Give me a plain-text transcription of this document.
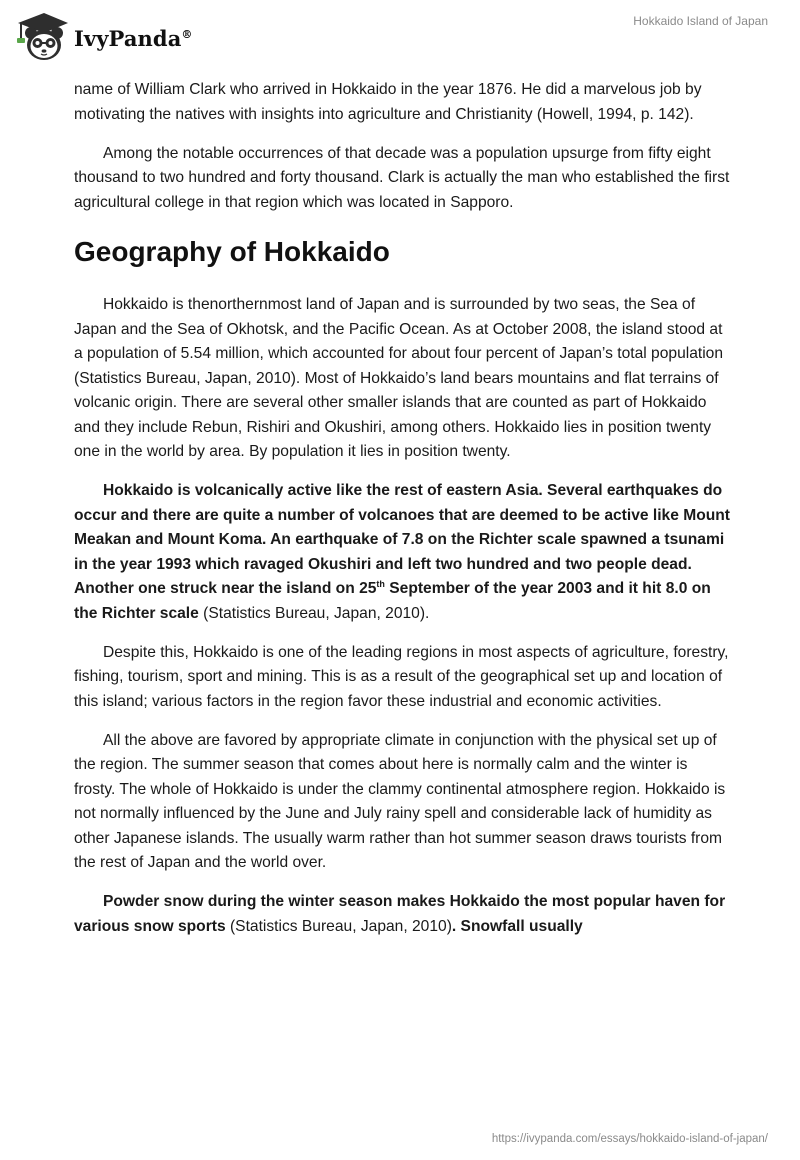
IvyPanda®
Hokkaido Island of Japan

name of William Clark who arrived in Hokkaido in the year 1876. He did a marvelous job by motivating the natives with insights into agriculture and Christianity (Howell, 1994, p. 142).

Among the notable occurrences of that decade was a population upsurge from fifty eight thousand to two hundred and forty thousand. Clark is actually the man who established the first agricultural college in that region which was located in Sapporo.

Geography of Hokkaido

Hokkaido is thenorthernmost land of Japan and is surrounded by two seas, the Sea of Japan and the Sea of Okhotsk, and the Pacific Ocean. As at October 2008, the island stood at a population of 5.54 million, which accounted for about four percent of Japan’s total population (Statistics Bureau, Japan, 2010). Most of Hokkaido’s land bears mountains and flat terrains of volcanic origin. There are several other smaller islands that are counted as part of Hokkaido and they include Rebun, Rishiri and Okushiri, among others. Hokkaido lies in position twenty one in the world by area. By population it lies in position twenty.

Hokkaido is volcanically active like the rest of eastern Asia. Several earthquakes do occur and there are quite a number of volcanoes that are deemed to be active like Mount Meakan and Mount Koma. An earthquake of 7.8 on the Richter scale spawned a tsunami in the year 1993 which ravaged Okushiri and left two hundred and two people dead. Another one struck near the island on 25th September of the year 2003 and it hit 8.0 on the Richter scale (Statistics Bureau, Japan, 2010).

Despite this, Hokkaido is one of the leading regions in most aspects of agriculture, forestry, fishing, tourism, sport and mining. This is as a result of the geographical set up and location of this island; various factors in the region favor these industrial and economic activities.

All the above are favored by appropriate climate in conjunction with the physical set up of the region. The summer season that comes about here is normally calm and the winter is frosty. The whole of Hokkaido is under the clammy continental atmosphere region. Hokkaido is not normally influenced by the June and July rainy spell and considerable lack of humidity as other Japanese islands. The usually warm rather than hot summer season draws tourists from the rest of Japan and the world over.

Powder snow during the winter season makes Hokkaido the most popular haven for various snow sports (Statistics Bureau, Japan, 2010). Snowfall usually

https://ivypanda.com/essays/hokkaido-island-of-japan/
